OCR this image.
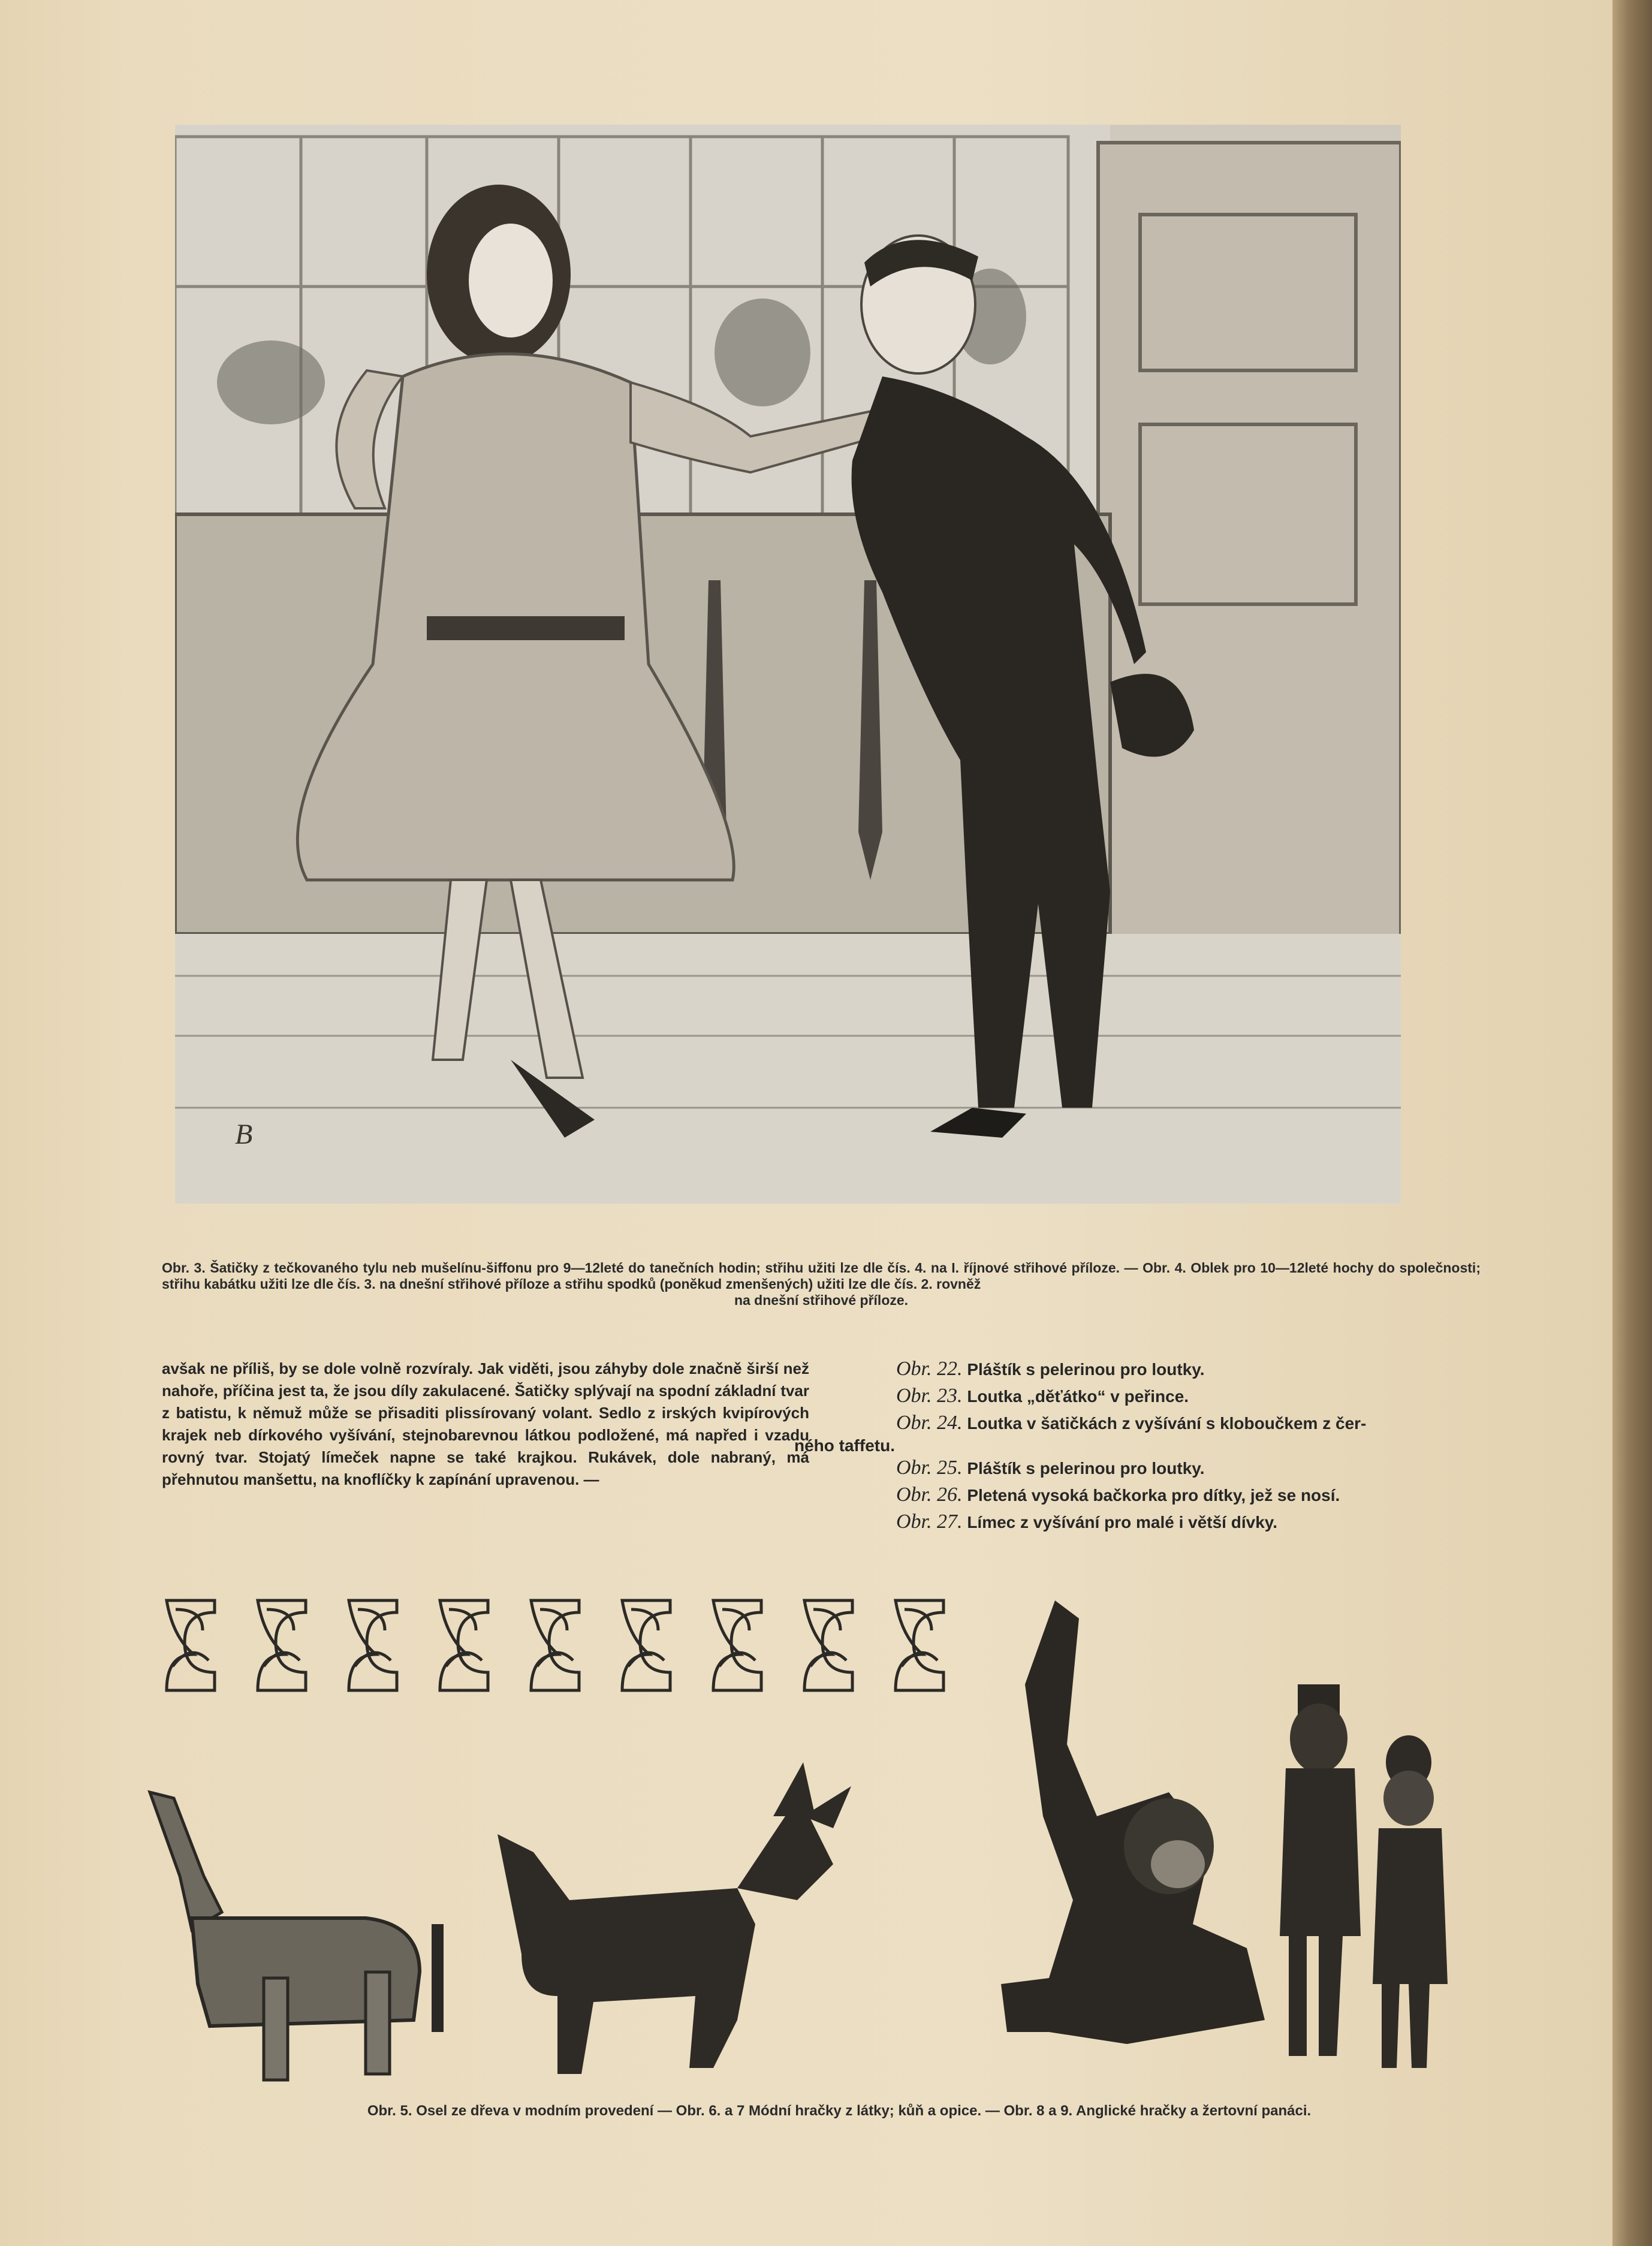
B
Obr. 3. Šatičky z tečkovaného tylu neb mušelínu-šiffonu pro 9—12leté do tanečních hodin; střihu užiti lze dle čís. 4. na I. říjnové střihové příloze. — Obr. 4. Oblek pro 10—12leté hochy do společnosti; střihu kabátku užiti lze dle čís. 3. na dnešní střihové příloze a střihu spodků (poněkud zmenšených) užiti lze dle čís. 2. rovněž
na dnešní střihové příloze.
avšak ne příliš, by se dole volně rozvíraly. Jak viděti, jsou záhyby dole značně širší než nahoře, příčina jest ta, že jsou díly zakulacené. Šatičky splývají na spodní základní tvar z batistu, k němuž může se přisaditi plissírovaný volant. Sedlo z irských kvipírových krajek neb dírkového vyšívání, stejnobarevnou látkou podložené, má napřed i vzadu rovný tvar. Stojatý límeček napne se také krajkou. Rukávek, dole nabraný, má přehnutou manšettu, na knoflíčky k zapínání upravenou. —
Obr. 22. Pláštík s pelerinou pro loutky.
Obr. 23. Loutka „děťátko“ v peřince.
Obr. 24. Loutka v šatičkách z vyšívání s kloboučkem z čer-
ného taffetu.
Obr. 25. Pláštík s pelerinou pro loutky.
Obr. 26. Pletená vysoká bačkorka pro dítky, jež se nosí.
Obr. 27. Límec z vyšívání pro malé i větší dívky.
Obr. 5. Osel ze dřeva v modním provedení — Obr. 6. a 7 Módní hračky z látky; kůň a opice. — Obr. 8 a 9. Anglické hračky a žertovní panáci.
